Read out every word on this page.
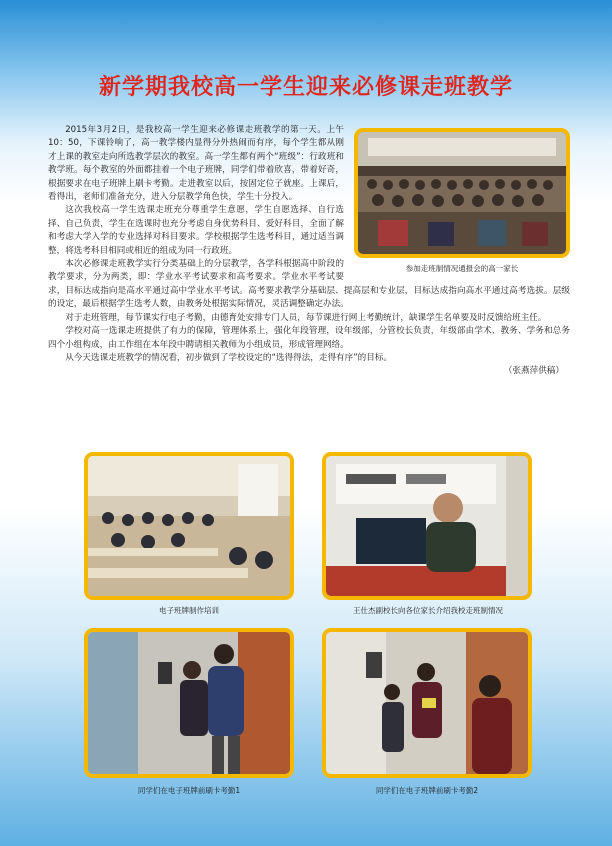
新学期我校高一学生迎来必修课走班教学
参加走班制情况通报会的高一家长

2015年3月2日，是我校高一学生迎来必修课走班教学的第一天。上午10：50，下课铃响了，高一教学楼内显得分外热闹而有序，每个学生都从刚才上课的教室走向所选教学层次的教室。高一学生都有两个“班级”：行政班和教学班。每个教室的外面都挂着一个电子班牌，同学们带着欣喜，带着好奇，根据要求在电子班牌上刷卡考勤。走进教室以后，按固定位子就座。上课后，看得出，老师们准备充分，进入分层教学角色快，学生十分投入。

这次我校高一学生选课走班充分尊重学生意愿，学生自愿选择、自行选择、自己负责，学生在选课时也充分考虑自身优势科目、爱好科目，全面了解和考虑大学入学的专业选择对科目要求。学校根据学生选考科目，通过适当调整，将选考科目相同或相近的组成为同一行政班。

本次必修课走班教学实行分类基础上的分层教学，各学科根据高中阶段的教学要求，分为两类，即：学业水平考试要求和高考要求。学业水平考试要求，目标达成指向是高水平通过高中学业水平考试。高考要求教学分基础层、提高层和专业层，目标达成指向高水平通过高考选拔。层级的设定，最后根据学生选考人数，由教务处根据实际情况，灵活调整确定办法。

对于走班管理，每节课实行电子考勤，由德育处安排专门人员，每节课进行网上考勤统计，缺课学生名单要及时反馈给班主任。

学校对高一选课走班提供了有力的保障，管理体系上，强化年段管理，设年级部，分管校长负责，年级部由学术、教务、学务和总务四个小组构成，由工作组在本年段中聘请相关教师为小组成员，形成管理网络。

从今天选课走班教学的情况看，初步做到了学校设定的“选得得法，走得有序”的目标。

（张燕萍供稿）
电子班牌制作培训	王仕杰副校长向各位家长介绍我校走班制情况
同学们在电子班牌前刷卡考勤1	同学们在电子班牌前刷卡考勤2
